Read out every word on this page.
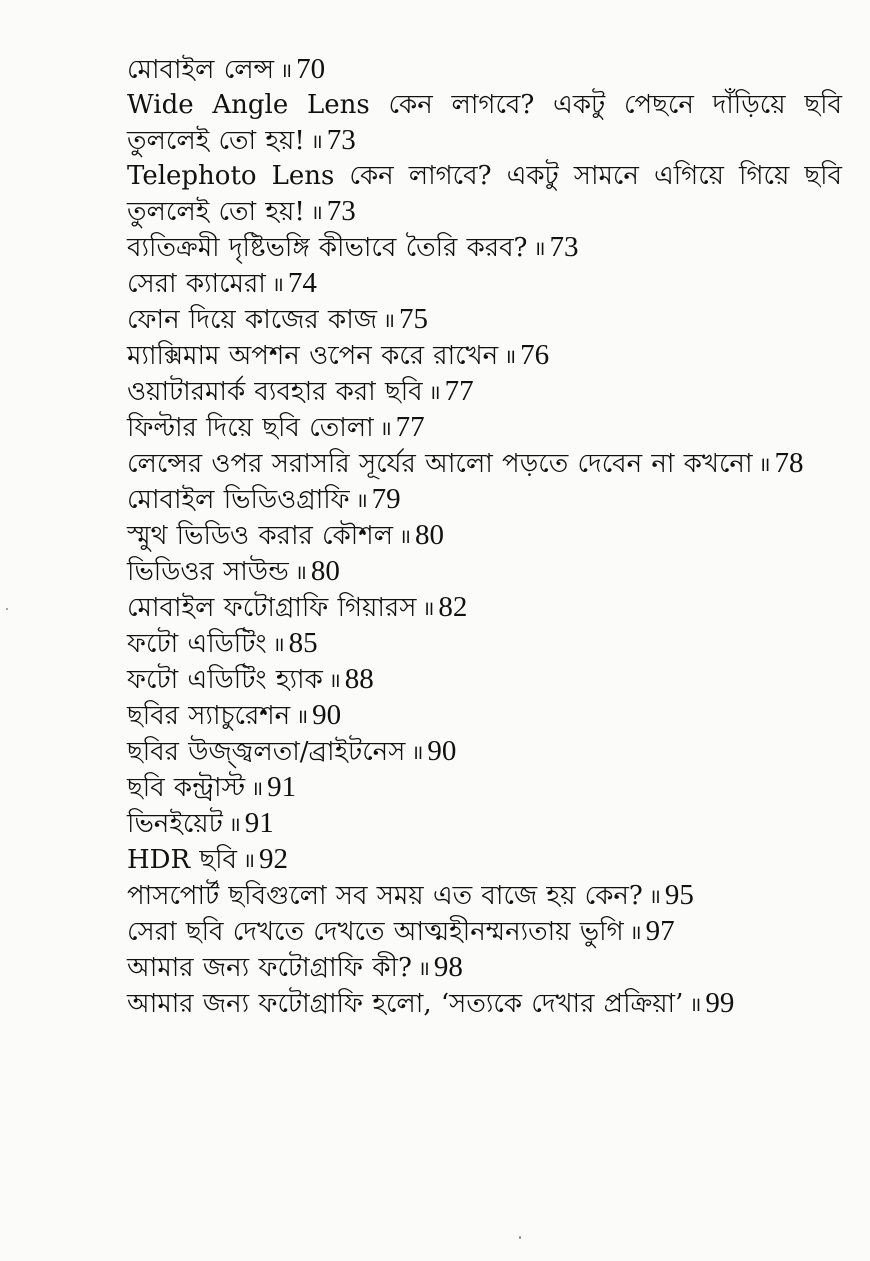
মোবাইল লেন্স ॥ 70
Wide Angle Lens কেন লাগবে? একটু পেছনে দাঁড়িয়ে ছবি তুললেই তো হয়! ॥ 73
Telephoto Lens কেন লাগবে? একটু সামনে এগিয়ে গিয়ে ছবি তুললেই তো হয়! ॥ 73
ব্যতিক্রমী দৃষ্টিভঙ্গি কীভাবে তৈরি করব? ॥ 73
সেরা ক্যামেরা ॥ 74
ফোন দিয়ে কাজের কাজ ॥ 75
ম্যাক্সিমাম অপশন ওপেন করে রাখেন ॥ 76
ওয়াটারমার্ক ব্যবহার করা ছবি ॥ 77
ফিল্টার দিয়ে ছবি তোলা ॥ 77
লেন্সের ওপর সরাসরি সূর্যের আলো পড়তে দেবেন না কখনো ॥ 78
মোবাইল ভিডিওগ্রাফি ॥ 79
স্মুথ ভিডিও করার কৌশল ॥ 80
ভিডিওর সাউন্ড ॥ 80
মোবাইল ফটোগ্রাফি গিয়ারস ॥ 82
ফটো এডিটিং ॥ 85
ফটো এডিটিং হ্যাক ॥ 88
ছবির স্যাচুরেশন ॥ 90
ছবির উজ্জ্বলতা/ব্রাইটনেস ॥ 90
ছবি কন্ট্রাস্ট ॥ 91
ভিনইয়েট ॥ 91
HDR ছবি ॥ 92
পাসপোর্ট ছবিগুলো সব সময় এত বাজে হয় কেন? ॥ 95
সেরা ছবি দেখতে দেখতে আত্মহীনম্মন্যতায় ভুগি ॥ 97
আমার জন্য ফটোগ্রাফি কী? ॥ 98
আমার জন্য ফটোগ্রাফি হলো, ‘সত্যকে দেখার প্রক্রিয়া’ ॥ 99
